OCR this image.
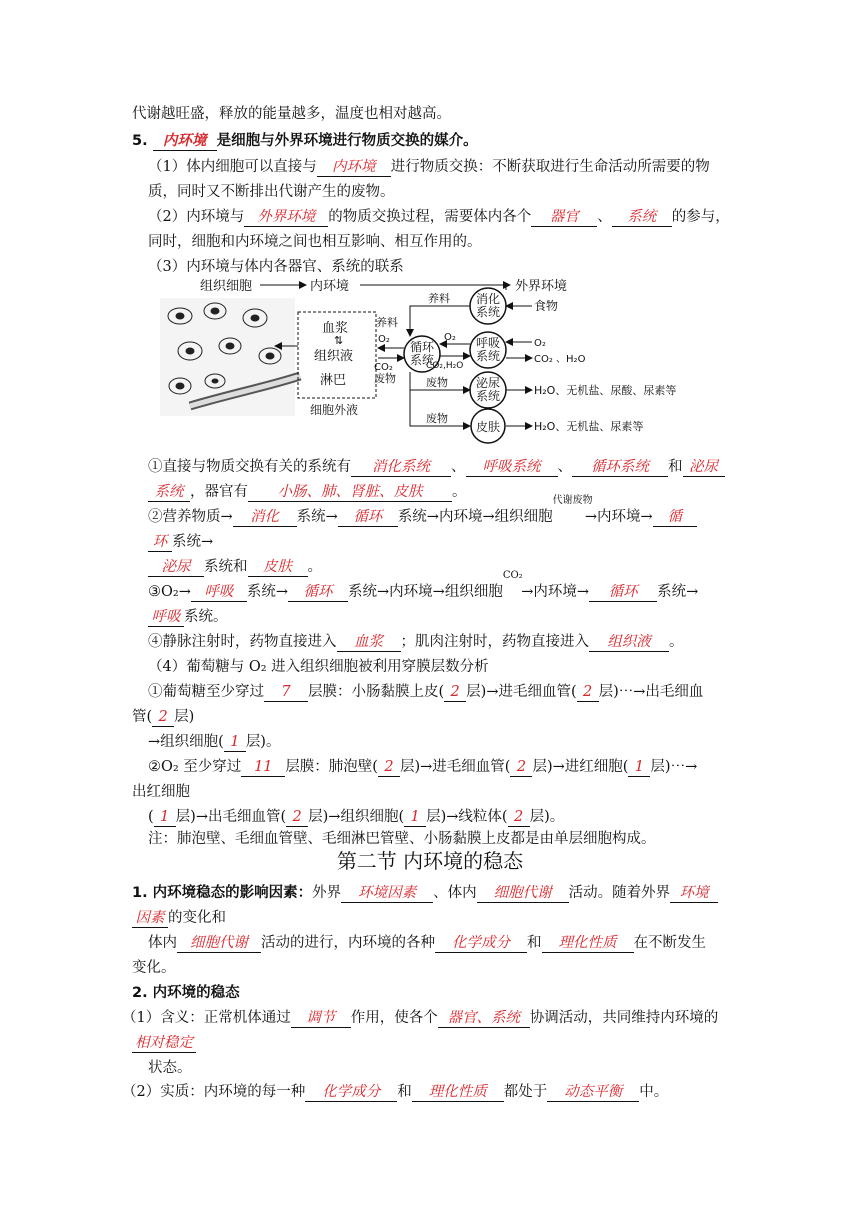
代谢越旺盛，释放的能量越多，温度也相对越高。
5. 内环境 是细胞与外界环境进行物质交换的媒介。
（1）体内细胞可以直接与 内环境 进行物质交换：不断获取进行生命活动所需要的物
质，同时又不断排出代谢产生的废物。
（2）内环境与 外界环境 的物质交换过程，需要体内各个 器官 、 系统 的参与，
同时，细胞和内环境之间也相互影响、相互作用的。
（3）内环境与体内各器官、系统的联系
组织细胞	内环境	外界环境
血浆
⇅
组织液
淋巴
细胞外液
养料
O₂
CO₂
废物
循环
系统
消化
系统
养料
食物
呼吸
系统
O₂
CO₂,H₂O
O₂
CO₂ 、H₂O
泌尿
系统
废物
H₂O、无机盐、尿酸、尿素等
皮肤
废物
H₂O、无机盐、尿素等
①直接与物质交换有关的系统有 消化系统 、 呼吸系统 、 循环系统 和 泌尿
系统 ，器官有 小肠、肺、肾脏、皮肤 。
②营养物质→ 消化 系统→ 循环 系统→内环境→组织细胞
代谢废物
→内环境→ 循
环 系统→
泌尿 系统和 皮肤 。
③O₂→ 呼吸 系统→ 循环 系统→内环境→组织细胞
CO₂
→内环境→ 循环 系统→
呼吸 系统。
④静脉注射时，药物直接进入 血浆 ；肌肉注射时，药物直接进入 组织液 。
（4）葡萄糖与 O₂ 进入组织细胞被利用穿膜层数分析
①葡萄糖至少穿过 7 层膜：小肠黏膜上皮( 2 层)→进毛细血管( 2 层)⋯→出毛细血
管( 2 层)
→组织细胞( 1 层)。
②O₂ 至少穿过 11 层膜：肺泡壁( 2 层)→进毛细血管( 2 层)→进红细胞( 1 层)⋯→
出红细胞
( 1 层)→出毛细血管( 2 层)→组织细胞( 1 层)→线粒体( 2 层)。
注：肺泡壁、毛细血管壁、毛细淋巴管壁、小肠黏膜上皮都是由单层细胞构成。
第二节 内环境的稳态
1. 内环境稳态的影响因素：外界 环境因素 、体内 细胞代谢 活动。随着外界 环境
因素 的变化和
体内 细胞代谢 活动的进行，内环境的各种 化学成分 和 理化性质 在不断发生
变化。
2. 内环境的稳态
（1）含义：正常机体通过 调节 作用，使各个 器官、系统 协调活动，共同维持内环境的
相对稳定
状态。
（2）实质：内环境的每一种 化学成分 和 理化性质 都处于 动态平衡 中。
